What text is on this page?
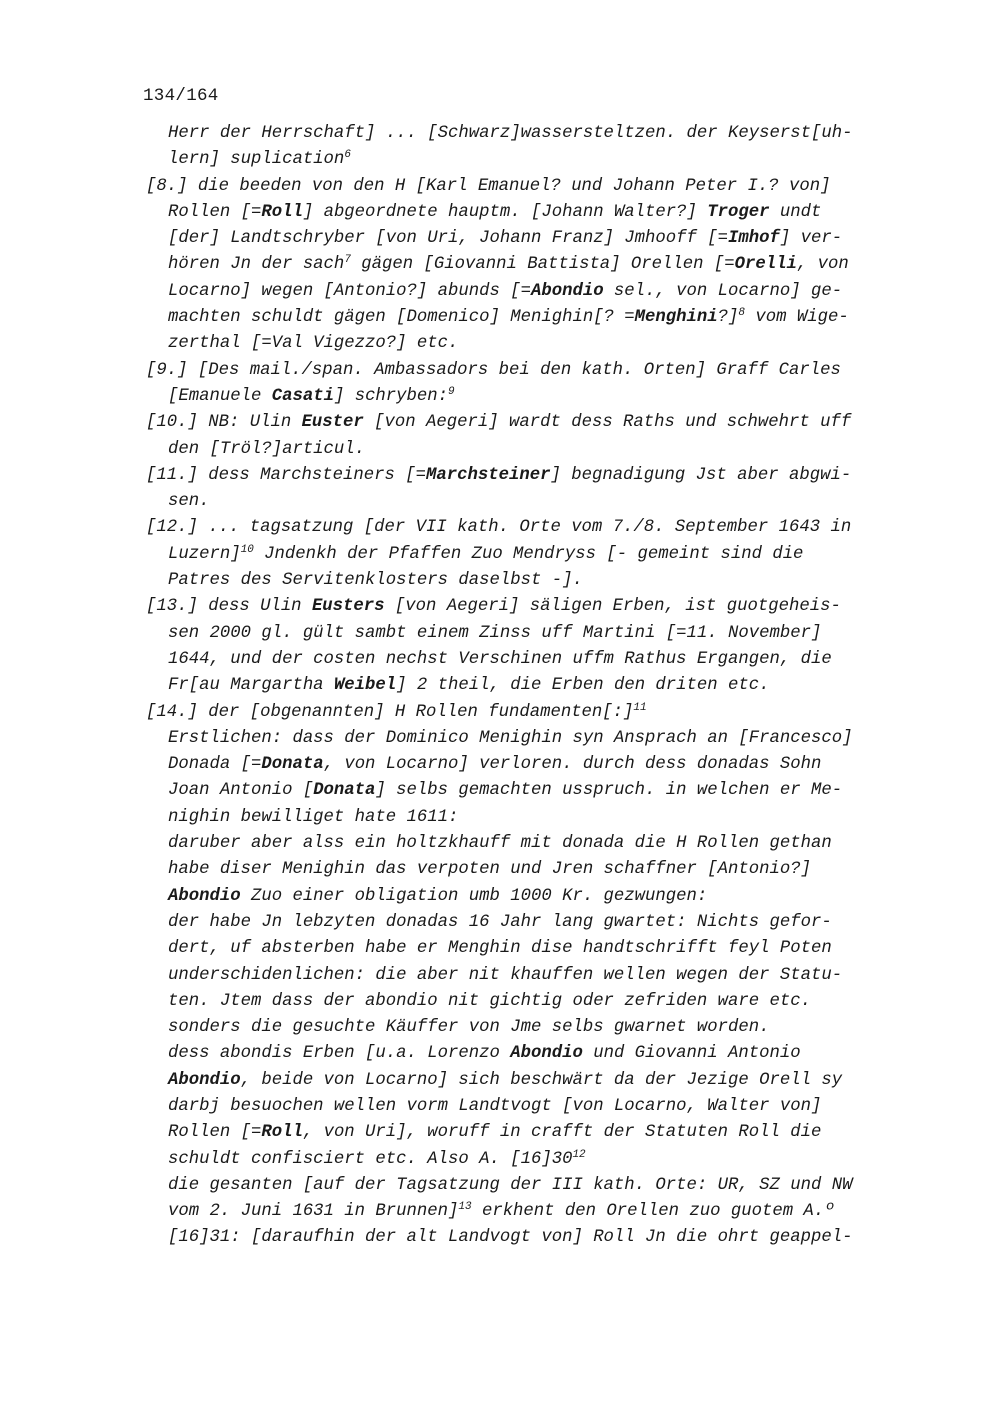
134/164
Herr der Herrschaft] ... [Schwarz]wassersteltzen. der Keyserst[uh-
lern] suplication$^6$
[8.] die beeden von den H [Karl Emanuel? und Johann Peter I.? von]
Rollen [=Roll] abgeordnete hauptm. [Johann Walter?] Troger undt
[der] Landtschryber [von Uri, Johann Franz] Jmhooff [=Imhof] ver-
hören Jn der sach$^7$ gägen [Giovanni Battista] Orellen [=Orelli, von
Locarno] wegen [Antonio?] abunds [=Abondio sel., von Locarno] ge-
machten schuldt gägen [Domenico] Menighin[? =Menghini?]$^8$ vom Wige-
zerthal [=Val Vigezzo?] etc.
[9.] [Des mail./span. Ambassadors bei den kath. Orten] Graff Carles
[Emanuele Casati] schryben:$^9$
[10.] NB: Ulin Euster [von Aegeri] wardt dess Raths und schwehrt uff
den [Tröl?]articul.
[11.] dess Marchsteiners [=Marchsteiner] begnadigung Jst aber abgwi-
sen.
[12.] ... tagsatzung [der VII kath. Orte vom 7./8. September 1643 in
Luzern]$^{10}$ Jndenkh der Pfaffen Zuo Mendryss [- gemeint sind die
Patres des Servitenklosters daselbst -].
[13.] dess Ulin Eusters [von Aegeri] säligen Erben, ist guotgeheis-
sen 2000 gl. gült sambt einem Zinss uff Martini [=11. November]
1644, und der costen nechst Verschinen uffm Rathus Ergangen, die
Fr[au Margartha Weibel] 2 theil, die Erben den driten etc.
[14.] der [obgenannten] H Rollen fundamenten[:]$^{11}$
Erstlichen: dass der Dominico Menighin syn Ansprach an [Francesco]
Donada [=Donata, von Locarno] verloren. durch dess donadas Sohn
Joan Antonio [Donata] selbs gemachten usspruch. in welchen er Me-
nighin bewilliget hate 1611:
daruber aber alss ein holtzkhauff mit donada die H Rollen gethan
habe diser Menighin das verpoten und Jren schaffner [Antonio?]
Abondio Zuo einer obligation umb 1000 Kr. gezwungen:
der habe Jn lebzyten donadas 16 Jahr lang gwartet: Nichts gefor-
dert, uf absterben habe er Menghin dise handtschrifft feyl Poten
underschidenlichen: die aber nit khauffen wellen wegen der Statu-
ten. Jtem dass der abondio nit gichtig oder zefriden ware etc.
sonders die gesuchte Käuffer von Jme selbs gwarnet worden.
dess abondis Erben [u.a. Lorenzo Abondio und Giovanni Antonio
Abondio, beide von Locarno] sich beschwärt da der Jezige Orell sy
darbj besuochen wellen vorm Landtvogt [von Locarno, Walter von]
Rollen [=Roll, von Uri], woruff in crafft der Statuten Roll die
schuldt confisciert etc. Also A. $[16]30^{12}$
die gesanten [auf der Tagsatzung der III kath. Orte: UR, SZ und NW
vom 2. Juni 1631 in Brunnen]$^{13}$ erkhent den Orellen zuo guotem A.º
[16]31: [daraufhin der alt Landvogt von] Roll Jn die ohrt geappel-
